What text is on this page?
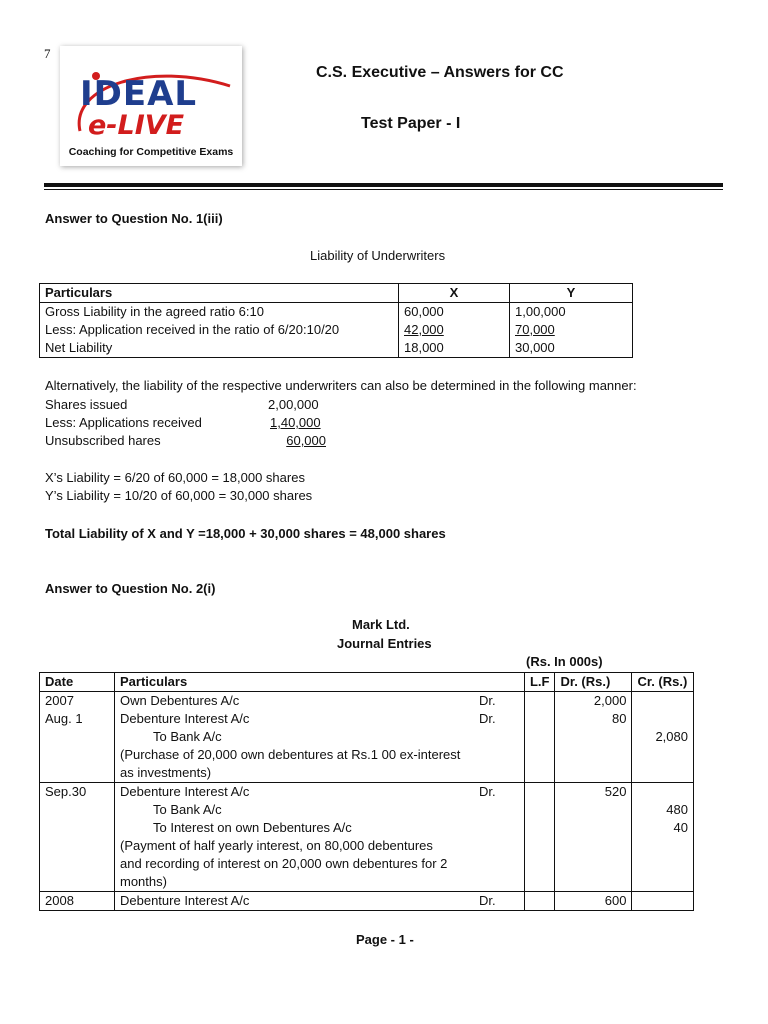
7
IDEAL
e-LIVE
Coaching for Competitive Exams
C.S. Executive – Answers for CC
Test Paper - I
Answer to Question No. 1(iii)
Liability of Underwriters
Particulars	X	Y
Gross Liability in the agreed ratio 6:10	60,000	1,00,000
Less: Application received in the ratio of 6/20:10/20	42,000	70,000
Net Liability	18,000	30,000
Alternatively, the liability of the respective underwriters can also be determined in the following manner:
Shares issued	2,00,000
Less: Applications received	1,40,000
Unsubscribed hares	60,000
X’s Liability = 6/20 of 60,000 = 18,000 shares
Y’s Liability = 10/20 of 60,000 = 30,000 shares
Total Liability of X and Y =18,000 + 30,000 shares = 48,000 shares
Answer to Question No. 2(i)
Mark Ltd.
Journal Entries
(Rs. In 000s)
Date	Particulars		L.F	Dr. (Rs.)	Cr. (Rs.)
2007	Own Debentures A/c	Dr.		2,000	
Aug. 1	Debenture Interest A/c	Dr.		80	
	To Bank A/c				2,080
	(Purchase of 20,000 own debentures at Rs.1 00 ex-interest				
	as investments)				
Sep.30	Debenture Interest A/c	Dr.		520	
	To Bank A/c				480
	To Interest on own Debentures A/c				40
	(Payment of half yearly interest, on 80,000 debentures				
	and recording of interest on 20,000 own debentures for 2				
	months)				
2008	Debenture Interest A/c	Dr.		600	
Page - 1 -
